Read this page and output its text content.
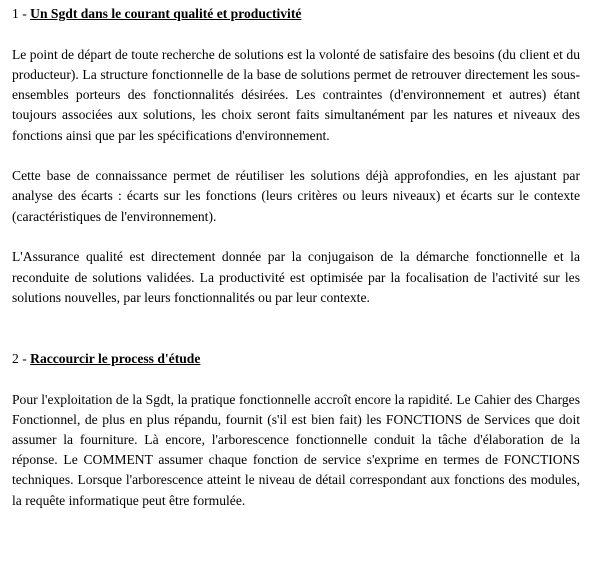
1 - Un Sgdt dans le courant qualité et productivité

Le point de départ de toute recherche de solutions est la volonté de satisfaire des besoins (du client et du producteur). La structure fonctionnelle de la base de solutions permet de retrouver directement les sous-ensembles porteurs des fonctionnalités désirées. Les contraintes (d'environnement et autres) étant toujours associées aux solutions, les choix seront faits simultanément par les natures et niveaux des fonctions ainsi que par les spécifications d'environnement.

Cette base de connaissance permet de réutiliser les solutions déjà approfondies, en les ajustant par analyse des écarts : écarts sur les fonctions (leurs critères ou leurs niveaux) et écarts sur le contexte (caractéristiques de l'environnement).

L'Assurance qualité est directement donnée par la conjugaison de la démarche fonctionnelle et la reconduite de solutions validées. La productivité est optimisée par la focalisation de l'activité sur les solutions nouvelles, par leurs fonctionnalités ou par leur contexte.

2 - Raccourcir le process d'étude

Pour l'exploitation de la Sgdt, la pratique fonctionnelle accroît encore la rapidité. Le Cahier des Charges Fonctionnel, de plus en plus répandu, fournit (s'il est bien fait) les FONCTIONS de Services que doit assumer la fourniture. Là encore, l'arborescence fonctionnelle conduit la tâche d'élaboration de la réponse. Le COMMENT assumer chaque fonction de service s'exprime en termes de FONCTIONS techniques. Lorsque l'arborescence atteint le niveau de détail correspondant aux fonctions des modules, la requête informatique peut être formulée.
